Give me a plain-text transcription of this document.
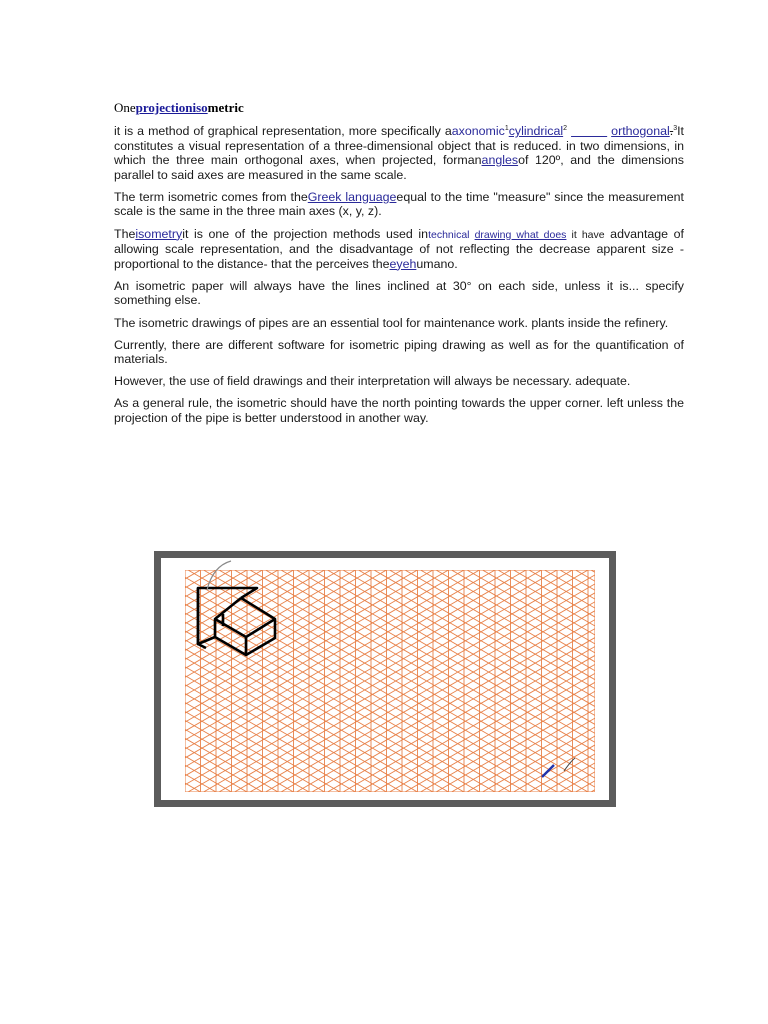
Oneprojectionisometric

it is a method of graphical representation, more specifically aaxonomic$^1$cylindrical$^2$	orthogonal.$^3$It constitutes a visual representation of a three-dimensional object that is reduced. in two dimensions, in which the three main orthogonal axes, when projected, formananglesof 120º, and the dimensions parallel to said axes are measured in the same scale.

The term isometric comes from theGreek languageequal to the time "measure" since the measurement scale is the same in the three main axes (x, y, z).

Theisometryit is one of the projection methods used intechnical drawing what does it have advantage of allowing scale representation, and the disadvantage of not reflecting the decrease apparent size -proportional to the distance- that the perceives theeyehumano.

An isometric paper will always have the lines inclined at 30° on each side, unless it is... specify something else.

The isometric drawings of pipes are an essential tool for maintenance work. plants inside the refinery.

Currently, there are different software for isometric piping drawing as well as for the quantification of materials.

However, the use of field drawings and their interpretation will always be necessary. adequate.

As a general rule, the isometric should have the north pointing towards the upper corner. left unless the projection of the pipe is better understood in another way.
